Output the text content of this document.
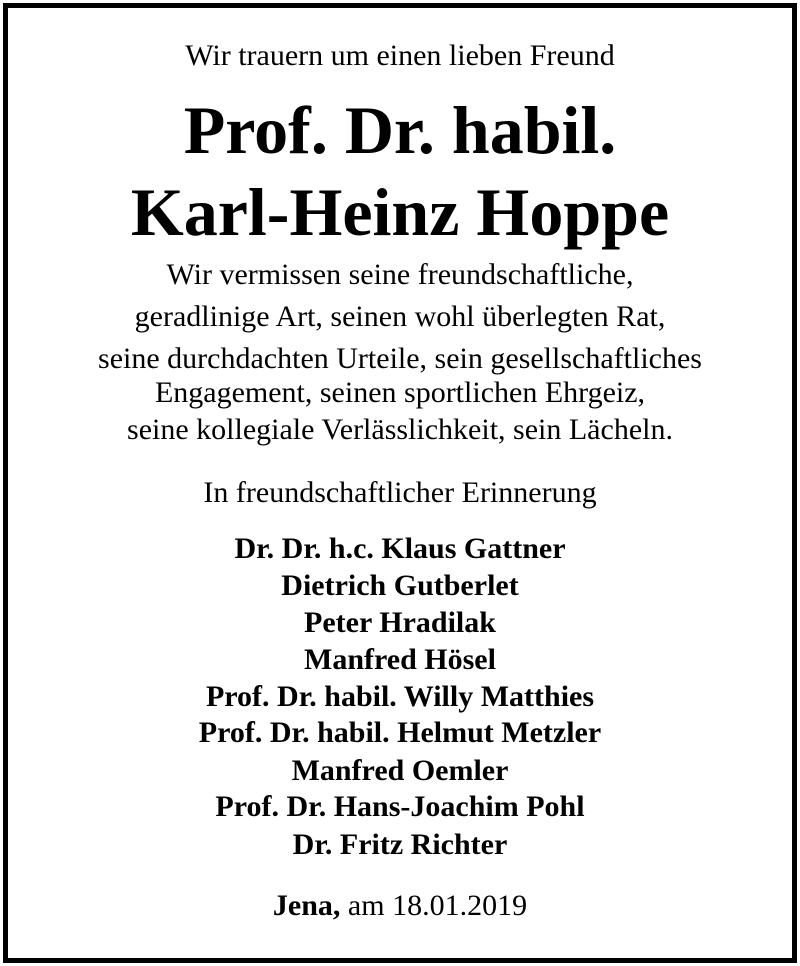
Wir trauern um einen lieben Freund
Prof. Dr. habil.
Karl-Heinz Hoppe
Wir vermissen seine freundschaftliche,
geradlinige Art, seinen wohl überlegten Rat,
seine durchdachten Urteile, sein gesellschaftliches
Engagement, seinen sportlichen Ehrgeiz,
seine kollegiale Verlässlichkeit, sein Lächeln.
In freundschaftlicher Erinnerung
Dr. Dr. h.c. Klaus Gattner
Dietrich Gutberlet
Peter Hradilak
Manfred Hösel
Prof. Dr. habil. Willy Matthies
Prof. Dr. habil. Helmut Metzler
Manfred Oemler
Prof. Dr. Hans-Joachim Pohl
Dr. Fritz Richter
Jena, am 18.01.2019
